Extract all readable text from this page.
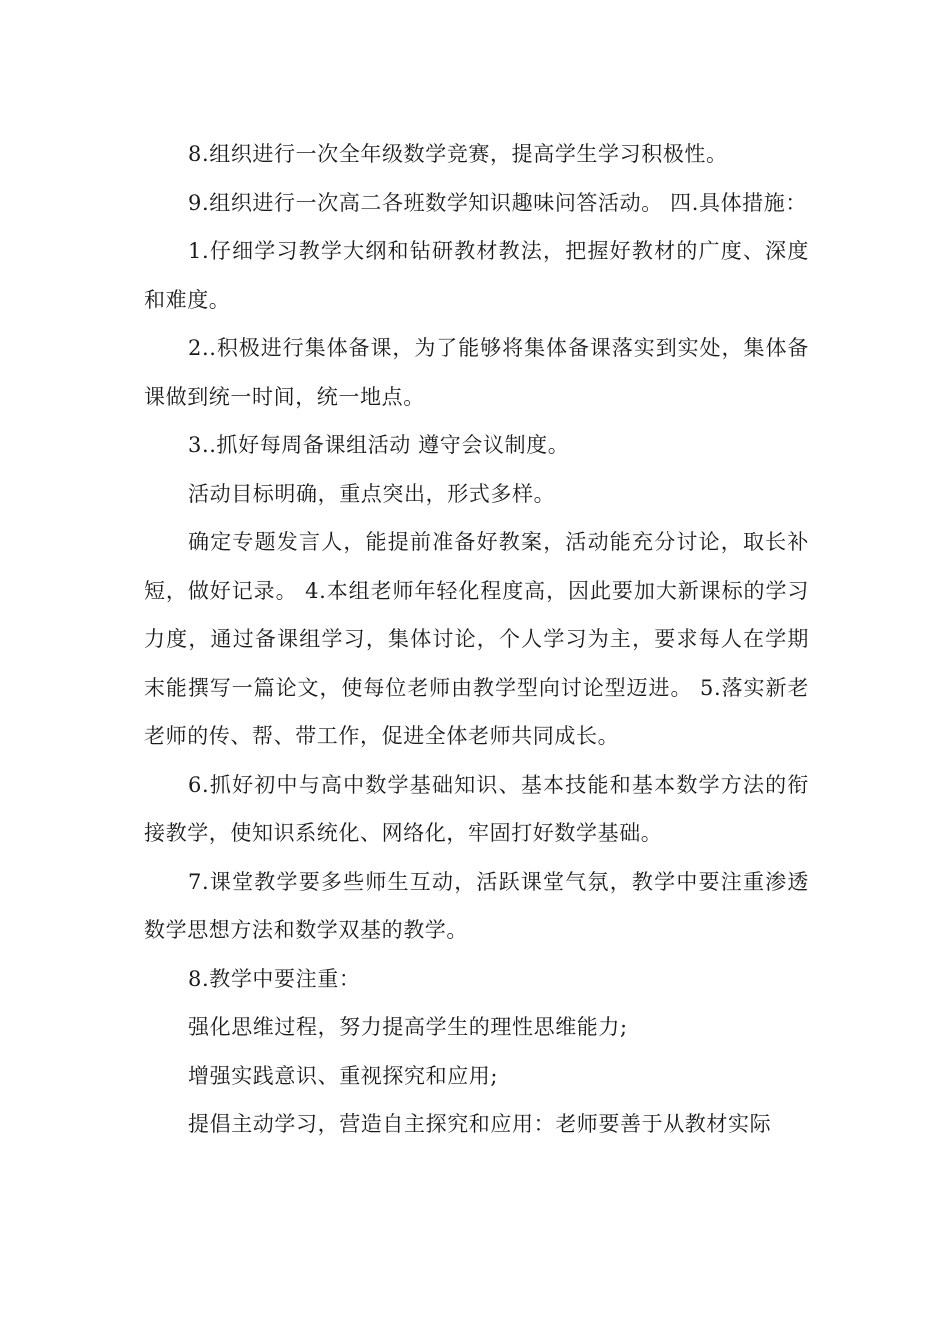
8.组织进行一次全年级数学竞赛，提高学生学习积极性。

9.组织进行一次高二各班数学知识趣味问答活动。 四.具体措施：

1.仔细学习教学大纲和钻研教材教法，把握好教材的广度、深度和难度。

2..积极进行集体备课，为了能够将集体备课落实到实处，集体备课做到统一时间，统一地点。

3..抓好每周备课组活动 遵守会议制度。

活动目标明确，重点突出，形式多样。

确定专题发言人，能提前准备好教案，活动能充分讨论，取长补短，做好记录。 4.本组老师年轻化程度高，因此要加大新课标的学习力度，通过备课组学习，集体讨论，个人学习为主，要求每人在学期末能撰写一篇论文，使每位老师由教学型向讨论型迈进。 5.落实新老老师的传、帮、带工作，促进全体老师共同成长。

6.抓好初中与高中数学基础知识、基本技能和基本数学方法的衔接教学，使知识系统化、网络化，牢固打好数学基础。

7.课堂教学要多些师生互动，活跃课堂气氛，教学中要注重渗透数学思想方法和数学双基的教学。

8.教学中要注重：

强化思维过程，努力提高学生的理性思维能力;

增强实践意识、重视探究和应用;

提倡主动学习，营造自主探究和应用：老师要善于从教材实际
